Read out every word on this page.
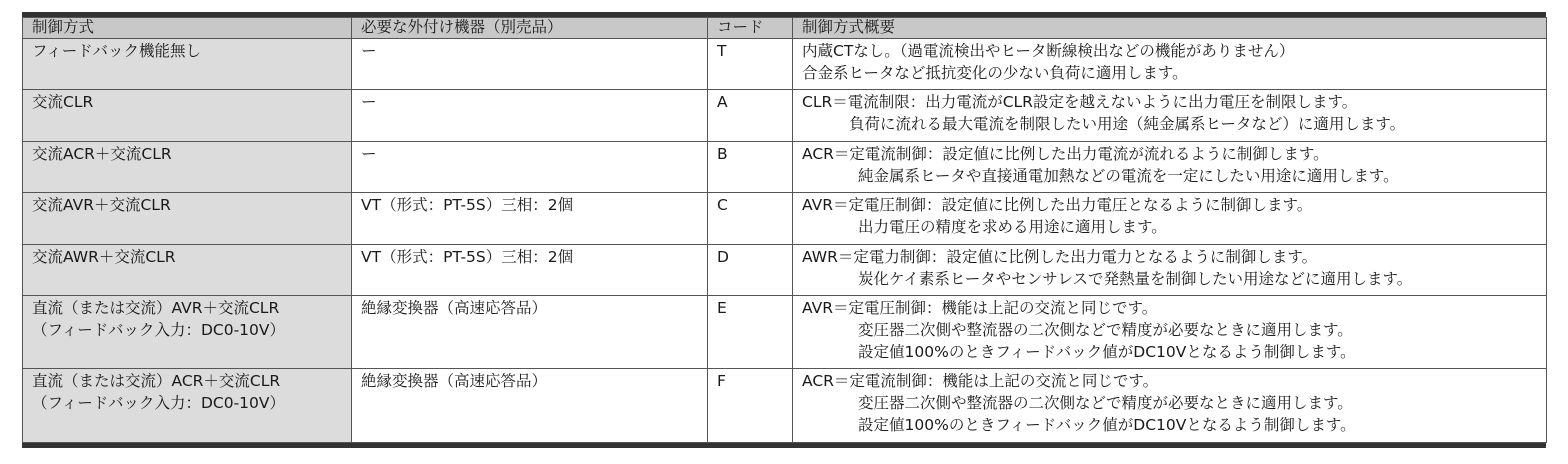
制御方式	必要な外付け機器（別売品）	コード	制御方式概要

フィードバック機能無し	ー	T	内蔵CTなし。（過電流検出やヒータ断線検出などの機能がありません）
合金系ヒータなど抵抗変化の少ない負荷に適用します。

交流CLR	ー	A	CLR＝電流制限：出力電流がCLR設定を越えないように出力電圧を制限します。
負荷に流れる最大電流を制限したい用途（純金属系ヒータなど）に適用します。

交流ACR＋交流CLR	ー	B	ACR＝定電流制御：設定値に比例した出力電流が流れるように制御します。
純金属系ヒータや直接通電加熱などの電流を一定にしたい用途に適用します。

交流AVR＋交流CLR	VT（形式：PT-5S）三相：2個	C	AVR＝定電圧制御：設定値に比例した出力電圧となるように制御します。
出力電圧の精度を求める用途に適用します。

交流AWR＋交流CLR	VT（形式：PT-5S）三相：2個	D	AWR＝定電力制御：設定値に比例した出力電力となるように制御します。
炭化ケイ素系ヒータやセンサレスで発熱量を制御したい用途などに適用します。

直流（または交流）AVR＋交流CLR
（フィードバック入力：DC0-10V）	絶縁変換器（高速応答品）	E	AVR＝定電圧制御：機能は上記の交流と同じです。
変圧器二次側や整流器の二次側などで精度が必要なときに適用します。
設定値100%のときフィードバック値がDC10Vとなるよう制御します。

直流（または交流）ACR＋交流CLR
（フィードバック入力：DC0-10V）	絶縁変換器（高速応答品）	F	ACR＝定電流制御：機能は上記の交流と同じです。
変圧器二次側や整流器の二次側などで精度が必要なときに適用します。
設定値100%のときフィードバック値がDC10Vとなるよう制御します。
